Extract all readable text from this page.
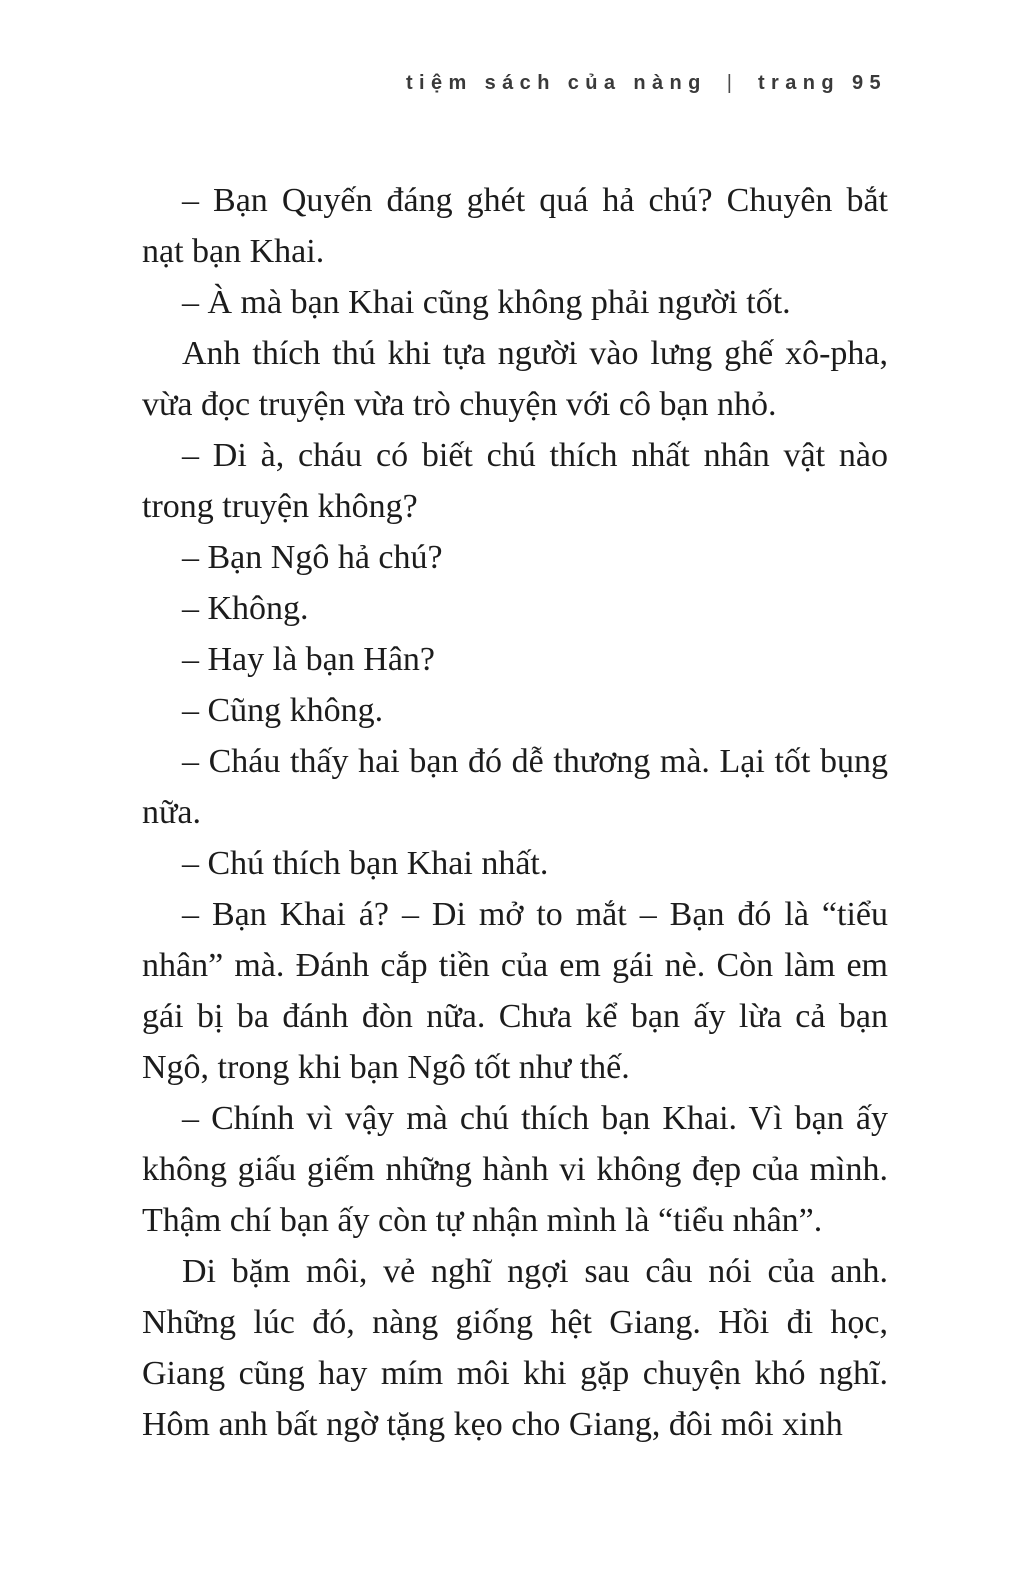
tiệm sách của nàng | trang 95

– Bạn Quyến đáng ghét quá hả chú? Chuyên bắt nạt bạn Khai.

– À mà bạn Khai cũng không phải người tốt.

Anh thích thú khi tựa người vào lưng ghế xô-pha, vừa đọc truyện vừa trò chuyện với cô bạn nhỏ.

– Di à, cháu có biết chú thích nhất nhân vật nào trong truyện không?

– Bạn Ngô hả chú?

– Không.

– Hay là bạn Hân?

– Cũng không.

– Cháu thấy hai bạn đó dễ thương mà. Lại tốt bụng nữa.

– Chú thích bạn Khai nhất.

– Bạn Khai á? – Di mở to mắt – Bạn đó là “tiểu nhân” mà. Đánh cắp tiền của em gái nè. Còn làm em gái bị ba đánh đòn nữa. Chưa kể bạn ấy lừa cả bạn Ngô, trong khi bạn Ngô tốt như thế.

– Chính vì vậy mà chú thích bạn Khai. Vì bạn ấy không giấu giếm những hành vi không đẹp của mình. Thậm chí bạn ấy còn tự nhận mình là “tiểu nhân”.

Di bặm môi, vẻ nghĩ ngợi sau câu nói của anh. Những lúc đó, nàng giống hệt Giang. Hồi đi học, Giang cũng hay mím môi khi gặp chuyện khó nghĩ. Hôm anh bất ngờ tặng kẹo cho Giang, đôi môi xinh
